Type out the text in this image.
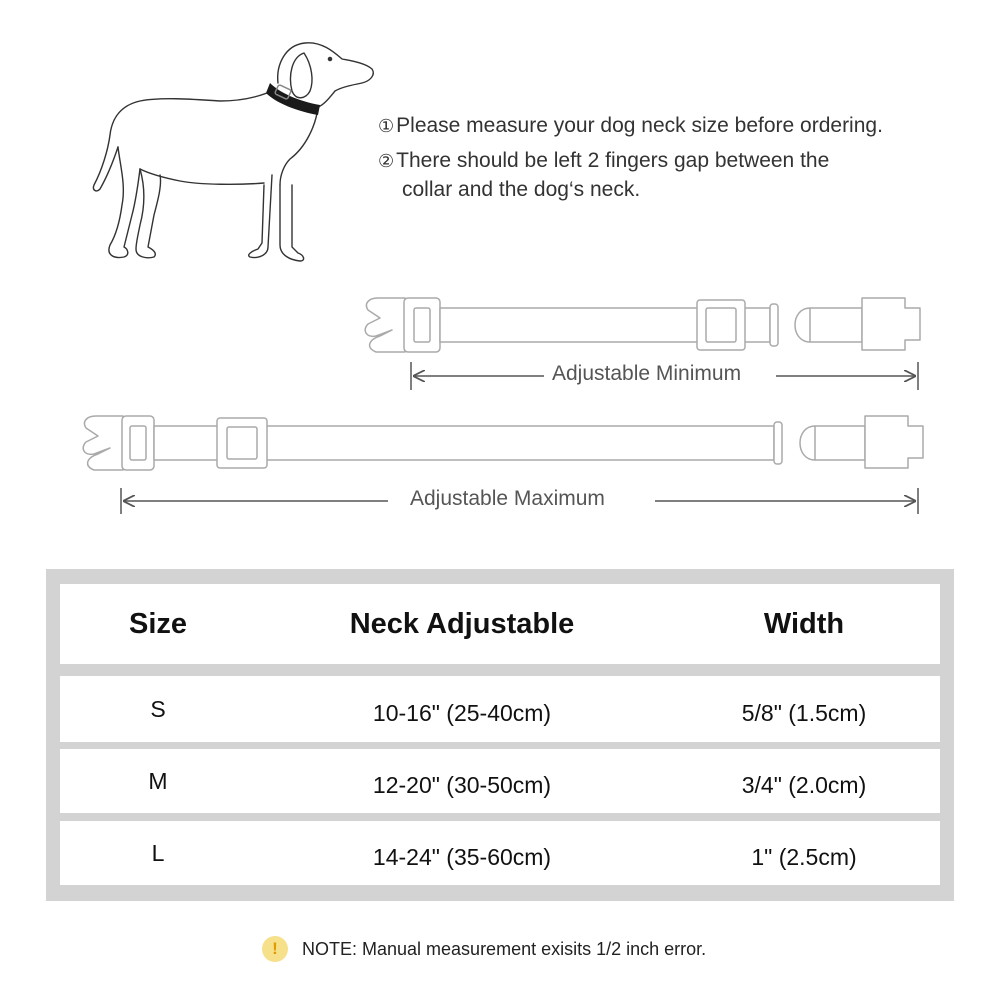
①Please measure your dog neck size before ordering.
②There should be left 2 fingers gap between the
collar and the dog‘s neck.
Adjustable Minimum
Adjustable Maximum
Size	Neck Adjustable	Width
S	10-16" (25-40cm)	5/8" (1.5cm)
M	12-20" (30-50cm)	3/4" (2.0cm)
L	14-24" (35-60cm)	1" (2.5cm)
!	NOTE: Manual measurement exisits 1/2 inch error.
